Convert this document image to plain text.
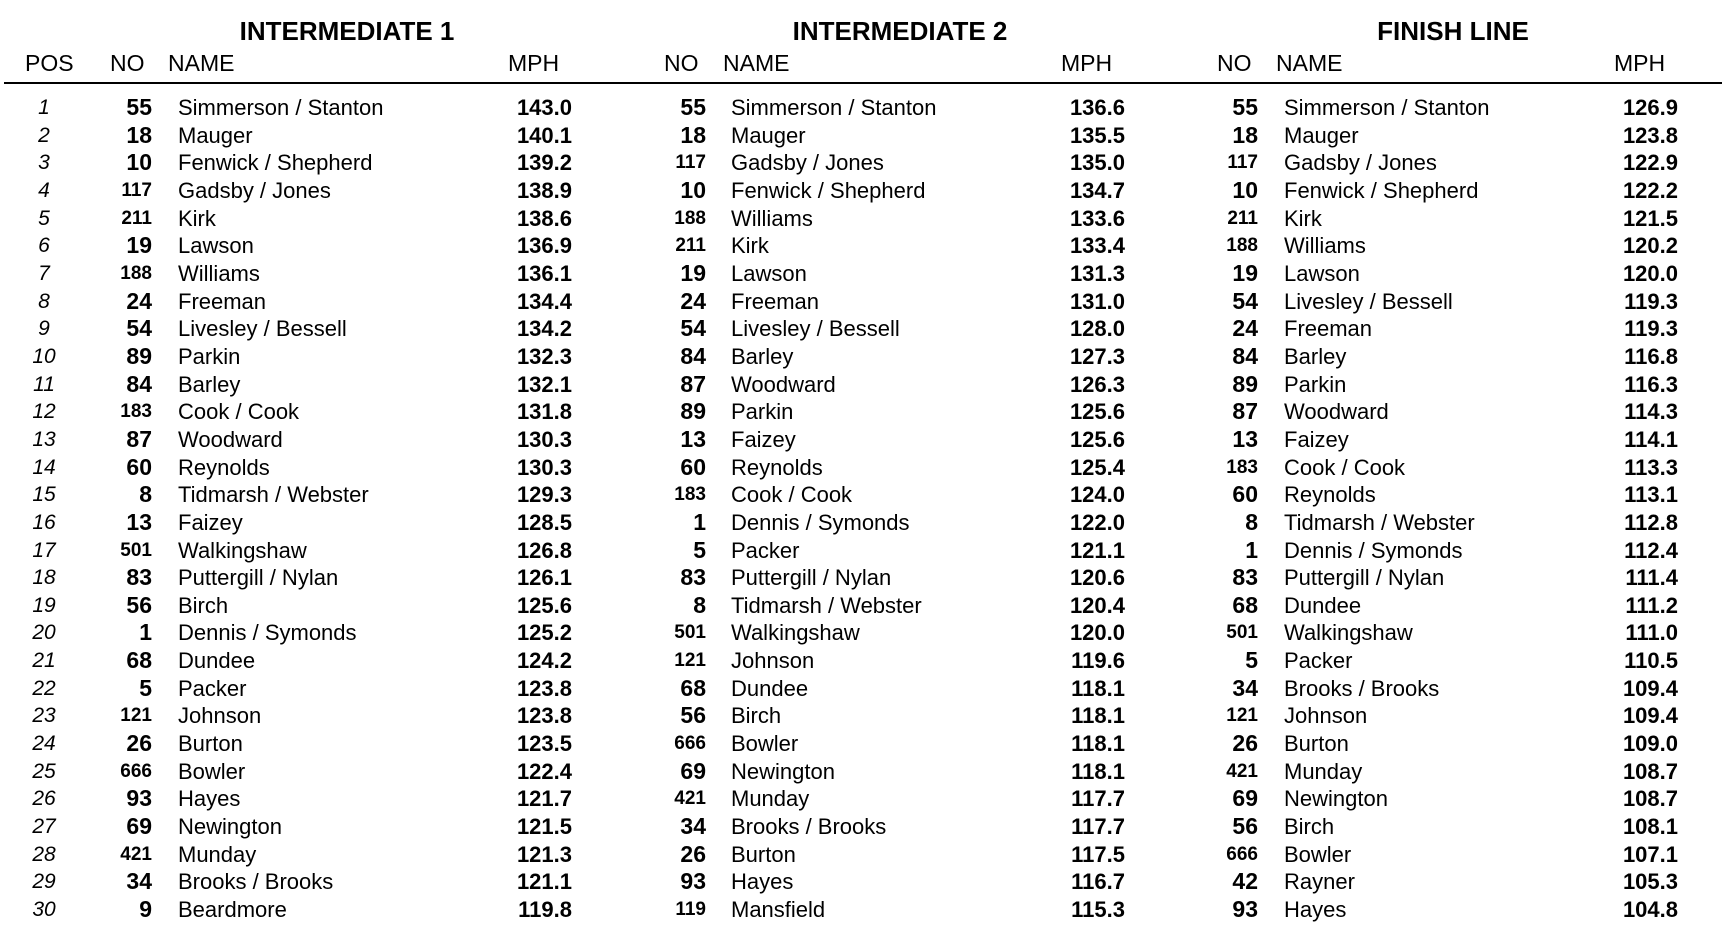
INTERMEDIATE 1	INTERMEDIATE 2	FINISH LINE
POS NO NAME	MPH	NO NAME	MPH	NO NAME	MPH
1	55 Simmerson / Stanton	143.0	55 Simmerson / Stanton	136.6	55 Simmerson / Stanton	126.9
2	18 Mauger	140.1	18 Mauger	135.5	18 Mauger	123.8
3	10 Fenwick / Shepherd	139.2	117 Gadsby / Jones	135.0	117 Gadsby / Jones	122.9
4	117 Gadsby / Jones	138.9	10 Fenwick / Shepherd	134.7	10 Fenwick / Shepherd	122.2
5	211 Kirk	138.6	188 Williams	133.6	211 Kirk	121.5
6	19 Lawson	136.9	211 Kirk	133.4	188 Williams	120.2
7	188 Williams	136.1	19 Lawson	131.3	19 Lawson	120.0
8	24 Freeman	134.4	24 Freeman	131.0	54 Livesley / Bessell	119.3
9	54 Livesley / Bessell	134.2	54 Livesley / Bessell	128.0	24 Freeman	119.3
10	89 Parkin	132.3	84 Barley	127.3	84 Barley	116.8
11	84 Barley	132.1	87 Woodward	126.3	89 Parkin	116.3
12	183 Cook / Cook	131.8	89 Parkin	125.6	87 Woodward	114.3
13	87 Woodward	130.3	13 Faizey	125.6	13 Faizey	114.1
14	60 Reynolds	130.3	60 Reynolds	125.4	183 Cook / Cook	113.3
15	8 Tidmarsh / Webster	129.3	183 Cook / Cook	124.0	60 Reynolds	113.1
16	13 Faizey	128.5	1 Dennis / Symonds	122.0	8 Tidmarsh / Webster	112.8
17	501 Walkingshaw	126.8	5 Packer	121.1	1 Dennis / Symonds	112.4
18	83 Puttergill / Nylan	126.1	83 Puttergill / Nylan	120.6	83 Puttergill / Nylan	111.4
19	56 Birch	125.6	8 Tidmarsh / Webster	120.4	68 Dundee	111.2
20	1 Dennis / Symonds	125.2	501 Walkingshaw	120.0	501 Walkingshaw	111.0
21	68 Dundee	124.2	121 Johnson	119.6	5 Packer	110.5
22	5 Packer	123.8	68 Dundee	118.1	34 Brooks / Brooks	109.4
23	121 Johnson	123.8	56 Birch	118.1	121 Johnson	109.4
24	26 Burton	123.5	666 Bowler	118.1	26 Burton	109.0
25	666 Bowler	122.4	69 Newington	118.1	421 Munday	108.7
26	93 Hayes	121.7	421 Munday	117.7	69 Newington	108.7
27	69 Newington	121.5	34 Brooks / Brooks	117.7	56 Birch	108.1
28	421 Munday	121.3	26 Burton	117.5	666 Bowler	107.1
29	34 Brooks / Brooks	121.1	93 Hayes	116.7	42 Rayner	105.3
30	9 Beardmore	119.8	119 Mansfield	115.3	93 Hayes	104.8
